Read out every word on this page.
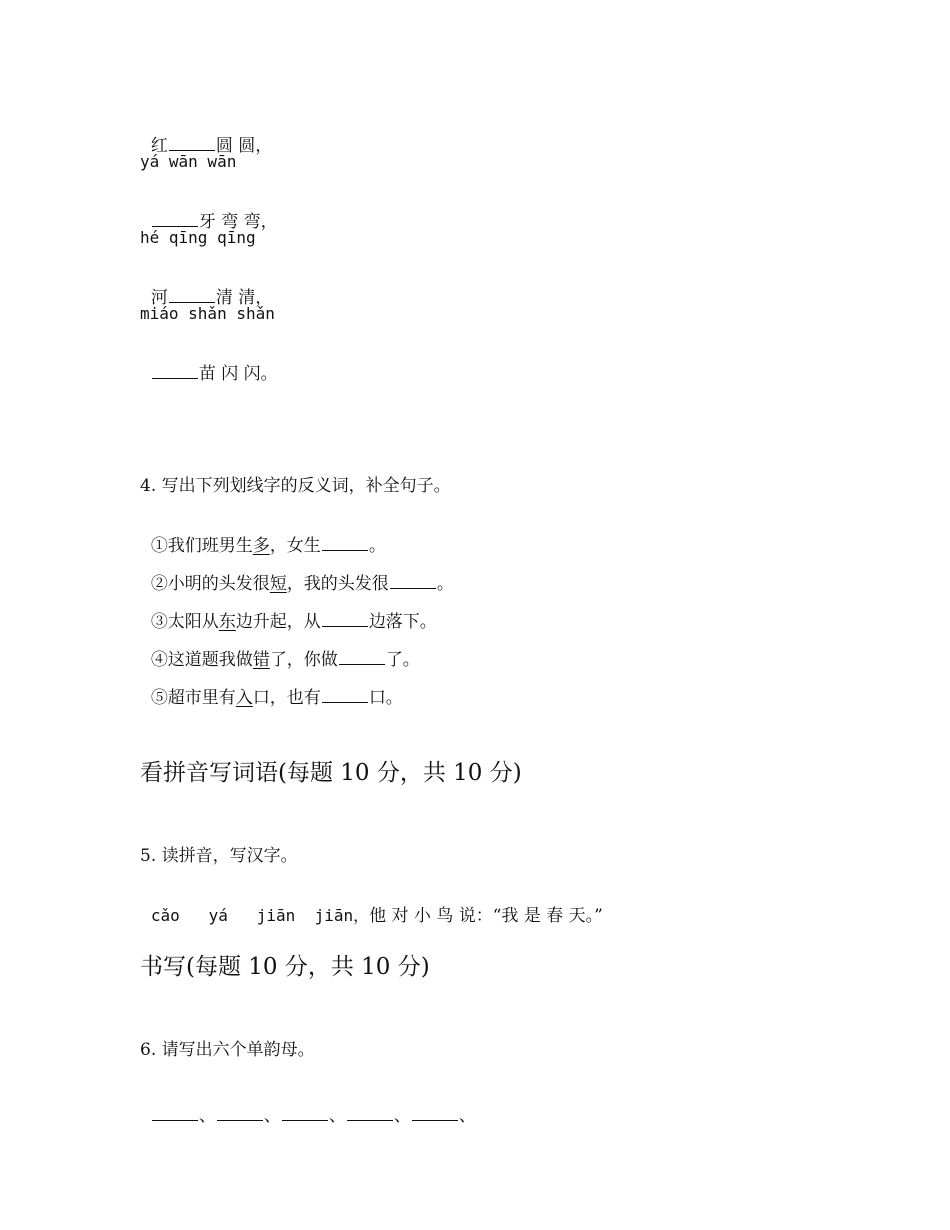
红	圆 圆，

yá wān wān

牙 弯 弯，

hé qīng qīng

河	清 清，

miáo shǎn shǎn

苗 闪 闪。

4. 写出下列划线字的反义词，补全句子。

①我们班男生多，女生	。

②小明的头发很短，我的头发很	。

③太阳从东边升起，从	边落下。

④这道题我做错了，你做	了。

⑤超市里有入口，也有	口。

看拼音写词语(每题 10 分，共 10 分)
5. 读拼音，写汉字。

cǎo   yá   jiān  jiān，他 对 小 鸟 说：“我 是 春 天。”

书写(每题 10 分，共 10 分)
6. 请写出六个单韵母。

、	、	、	、	、
